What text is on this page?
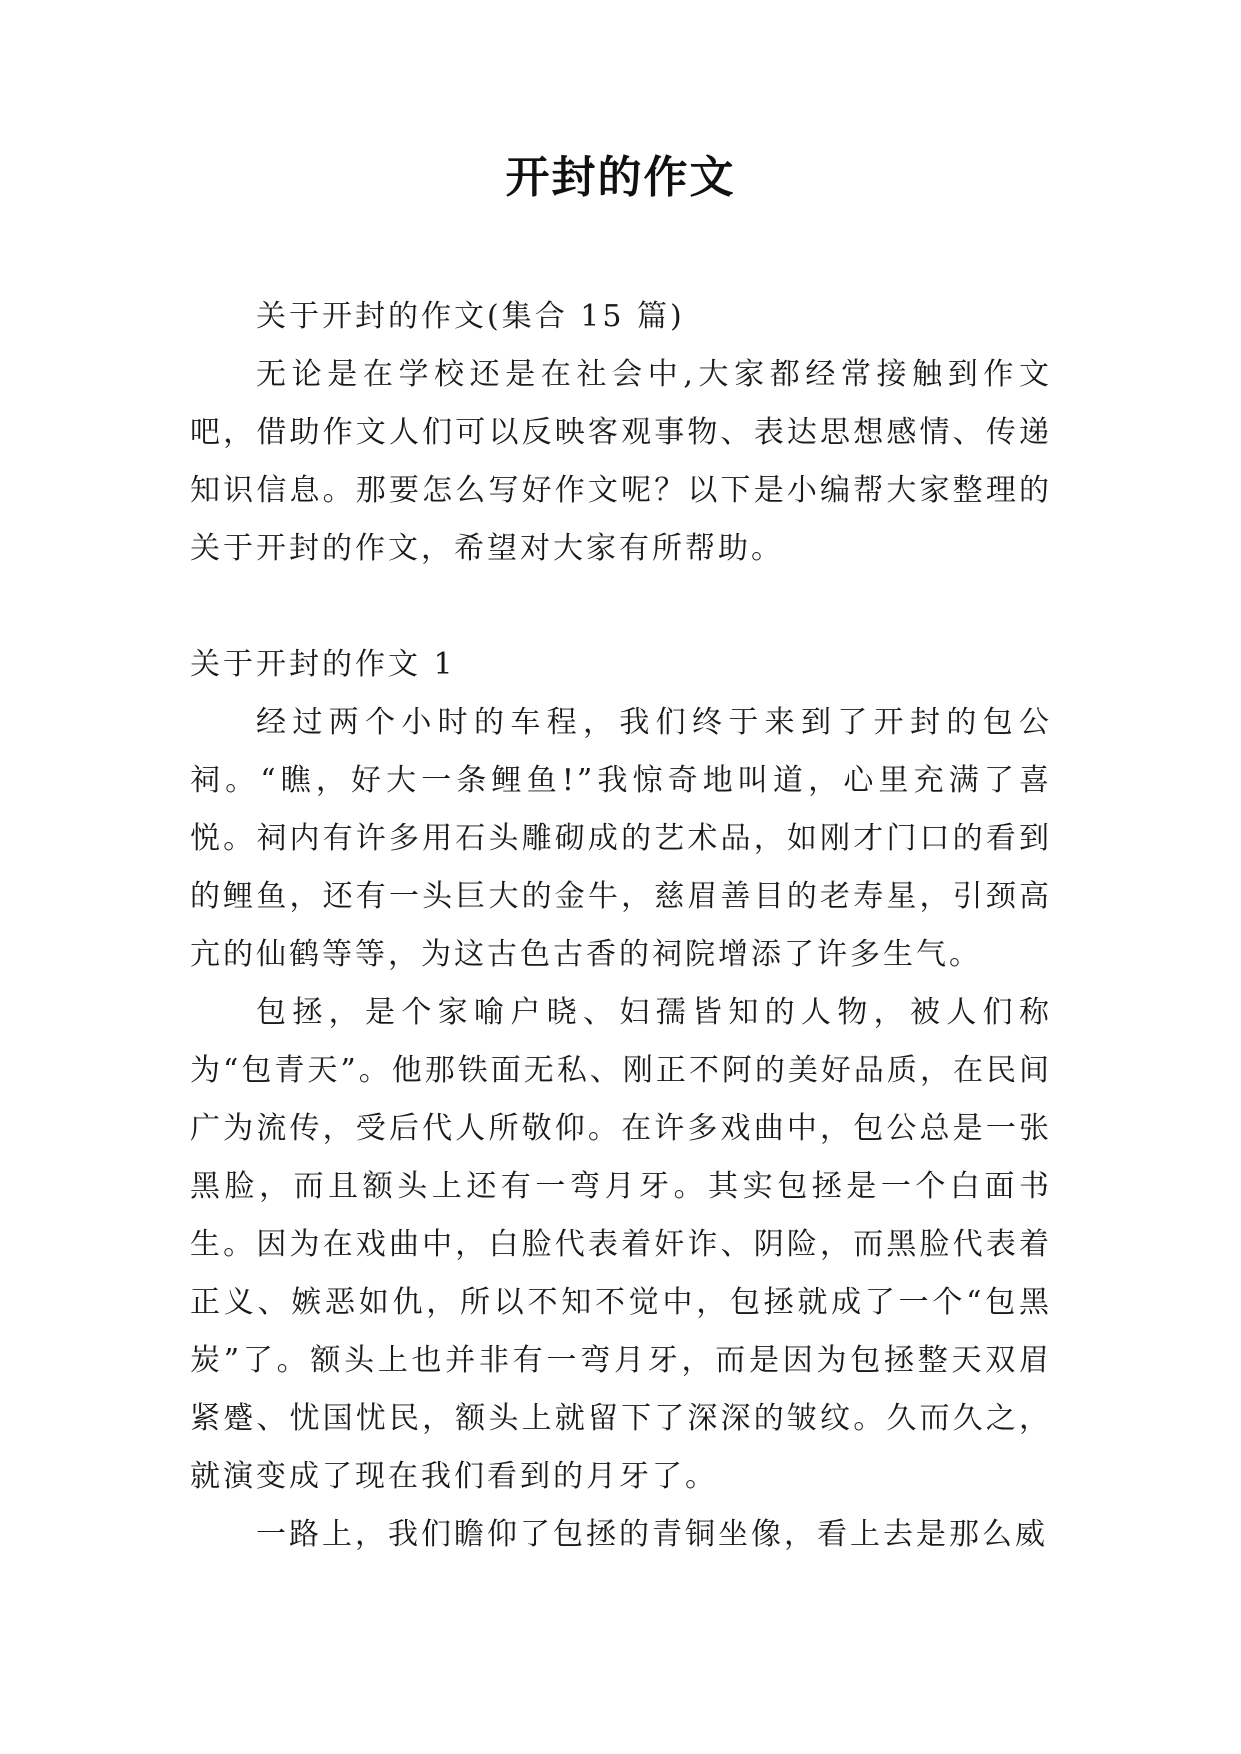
开封的作文

关于开封的作文(集合 15 篇)

无论是在学校还是在社会中,大家都经常接触到作文吧，借助作文人们可以反映客观事物、表达思想感情、传递知识信息。那要怎么写好作文呢？以下是小编帮大家整理的关于开封的作文，希望对大家有所帮助。

关于开封的作文 1

经过两个小时的车程，我们终于来到了开封的包公祠。“瞧，好大一条鲤鱼!”我惊奇地叫道，心里充满了喜悦。祠内有许多用石头雕砌成的艺术品，如刚才门口的看到的鲤鱼，还有一头巨大的金牛，慈眉善目的老寿星，引颈高亢的仙鹤等等，为这古色古香的祠院增添了许多生气。

包拯，是个家喻户晓、妇孺皆知的人物，被人们称为“包青天”。他那铁面无私、刚正不阿的美好品质，在民间广为流传，受后代人所敬仰。在许多戏曲中，包公总是一张黑脸，而且额头上还有一弯月牙。其实包拯是一个白面书生。因为在戏曲中，白脸代表着奸诈、阴险，而黑脸代表着正义、嫉恶如仇，所以不知不觉中，包拯就成了一个“包黑炭”了。额头上也并非有一弯月牙，而是因为包拯整天双眉紧蹙、忧国忧民，额头上就留下了深深的皱纹。久而久之，就演变成了现在我们看到的月牙了。

一路上，我们瞻仰了包拯的青铜坐像，看上去是那么威
